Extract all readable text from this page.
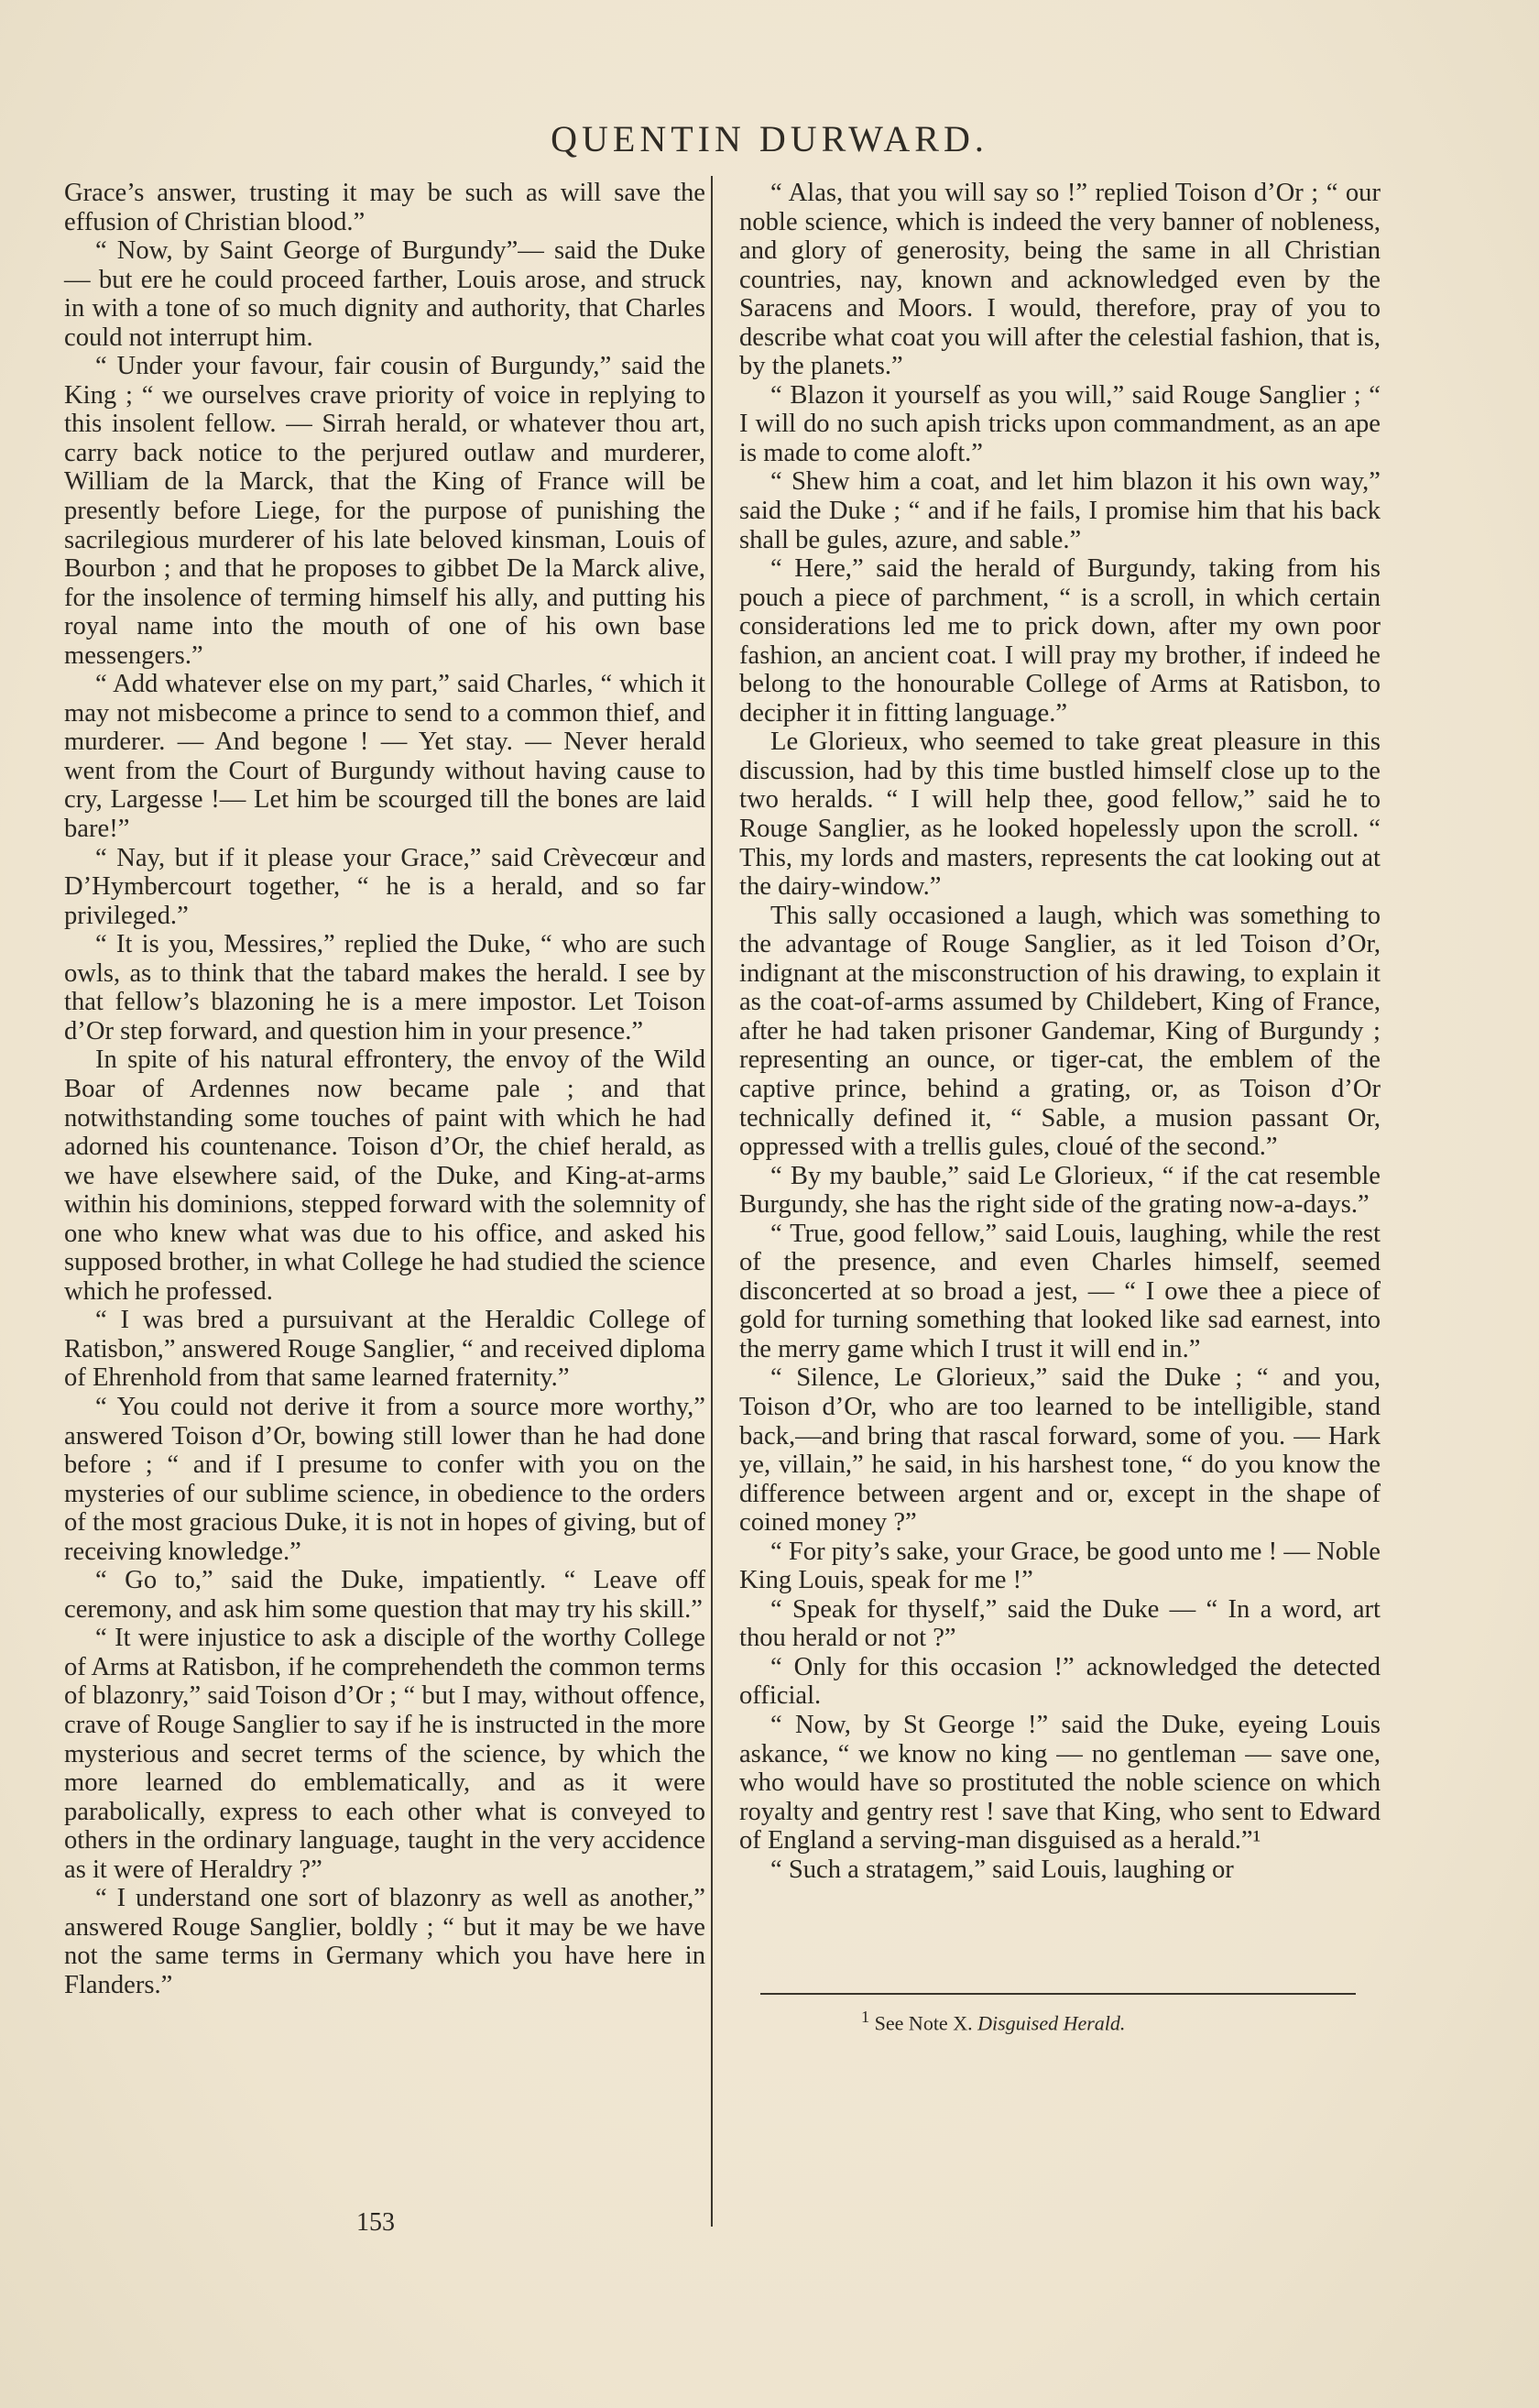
QUENTIN DURWARD.

Grace’s answer, trusting it may be such as will save the effusion of Christian blood.”

“ Now, by Saint George of Burgundy”— said the Duke — but ere he could proceed farther, Louis arose, and struck in with a tone of so much dignity and authority, that Charles could not interrupt him.

“ Under your favour, fair cousin of Burgundy,” said the King ; “ we ourselves crave priority of voice in replying to this insolent fellow. — Sirrah herald, or whatever thou art, carry back notice to the perjured outlaw and murderer, William de la Marck, that the King of France will be presently before Liege, for the purpose of punishing the sacrilegious murderer of his late beloved kinsman, Louis of Bourbon ; and that he proposes to gibbet De la Marck alive, for the insolence of terming himself his ally, and putting his royal name into the mouth of one of his own base messengers.”

“ Add whatever else on my part,” said Charles, “ which it may not misbecome a prince to send to a common thief, and murderer. — And begone ! — Yet stay. — Never herald went from the Court of Burgundy without having cause to cry, Largesse !— Let him be scourged till the bones are laid bare!”

“ Nay, but if it please your Grace,” said Crèvecœur and D’Hymbercourt together, “ he is a herald, and so far privileged.”

“ It is you, Messires,” replied the Duke, “ who are such owls, as to think that the tabard makes the herald. I see by that fellow’s blazoning he is a mere impostor. Let Toison d’Or step forward, and question him in your presence.”

In spite of his natural effrontery, the envoy of the Wild Boar of Ardennes now became pale ; and that notwithstanding some touches of paint with which he had adorned his countenance. Toison d’Or, the chief herald, as we have elsewhere said, of the Duke, and King-at-arms within his dominions, stepped forward with the solemnity of one who knew what was due to his office, and asked his supposed brother, in what College he had studied the science which he professed.

“ I was bred a pursuivant at the Heraldic College of Ratisbon,” answered Rouge Sanglier, “ and received diploma of Ehrenhold from that same learned fraternity.”

“ You could not derive it from a source more worthy,” answered Toison d’Or, bowing still lower than he had done before ; “ and if I presume to confer with you on the mysteries of our sublime science, in obedience to the orders of the most gracious Duke, it is not in hopes of giving, but of receiving knowledge.”

“ Go to,” said the Duke, impatiently. “ Leave off ceremony, and ask him some question that may try his skill.”

“ It were injustice to ask a disciple of the worthy College of Arms at Ratisbon, if he comprehendeth the common terms of blazonry,” said Toison d’Or ; “ but I may, without offence, crave of Rouge Sanglier to say if he is instructed in the more mysterious and secret terms of the science, by which the more learned do emblematically, and as it were parabolically, express to each other what is conveyed to others in the ordinary language, taught in the very accidence as it were of Heraldry ?”

“ I understand one sort of blazonry as well as another,” answered Rouge Sanglier, boldly ; “ but it may be we have not the same terms in Germany which you have here in Flanders.”

“ Alas, that you will say so !” replied Toison d’Or ; “ our noble science, which is indeed the very banner of nobleness, and glory of generosity, being the same in all Christian countries, nay, known and acknowledged even by the Saracens and Moors. I would, therefore, pray of you to describe what coat you will after the celestial fashion, that is, by the planets.”

“ Blazon it yourself as you will,” said Rouge Sanglier ; “ I will do no such apish tricks upon commandment, as an ape is made to come aloft.”

“ Shew him a coat, and let him blazon it his own way,” said the Duke ; “ and if he fails, I promise him that his back shall be gules, azure, and sable.”

“ Here,” said the herald of Burgundy, taking from his pouch a piece of parchment, “ is a scroll, in which certain considerations led me to prick down, after my own poor fashion, an ancient coat. I will pray my brother, if indeed he belong to the honourable College of Arms at Ratisbon, to decipher it in fitting language.”

Le Glorieux, who seemed to take great pleasure in this discussion, had by this time bustled himself close up to the two heralds. “ I will help thee, good fellow,” said he to Rouge Sanglier, as he looked hopelessly upon the scroll. “ This, my lords and masters, represents the cat looking out at the dairy-window.”

This sally occasioned a laugh, which was something to the advantage of Rouge Sanglier, as it led Toison d’Or, indignant at the misconstruction of his drawing, to explain it as the coat-of-arms assumed by Childebert, King of France, after he had taken prisoner Gandemar, King of Burgundy ; representing an ounce, or tiger-cat, the emblem of the captive prince, behind a grating, or, as Toison d’Or technically defined it, “ Sable, a musion passant Or, oppressed with a trellis gules, cloué of the second.”

“ By my bauble,” said Le Glorieux, “ if the cat resemble Burgundy, she has the right side of the grating now-a-days.”

“ True, good fellow,” said Louis, laughing, while the rest of the presence, and even Charles himself, seemed disconcerted at so broad a jest, — “ I owe thee a piece of gold for turning something that looked like sad earnest, into the merry game which I trust it will end in.”

“ Silence, Le Glorieux,” said the Duke ; “ and you, Toison d’Or, who are too learned to be intelligible, stand back,—and bring that rascal forward, some of you. — Hark ye, villain,” he said, in his harshest tone, “ do you know the difference between argent and or, except in the shape of coined money ?”

“ For pity’s sake, your Grace, be good unto me ! — Noble King Louis, speak for me !”

“ Speak for thyself,” said the Duke — “ In a word, art thou herald or not ?”

“ Only for this occasion !” acknowledged the detected official.

“ Now, by St George !” said the Duke, eyeing Louis askance, “ we know no king — no gentleman — save one, who would have so prostituted the noble science on which royalty and gentry rest ! save that King, who sent to Edward of England a serving-man disguised as a herald.”¹

“ Such a stratagem,” said Louis, laughing or

$^1$ See Note X. Disguised Herald.
153
